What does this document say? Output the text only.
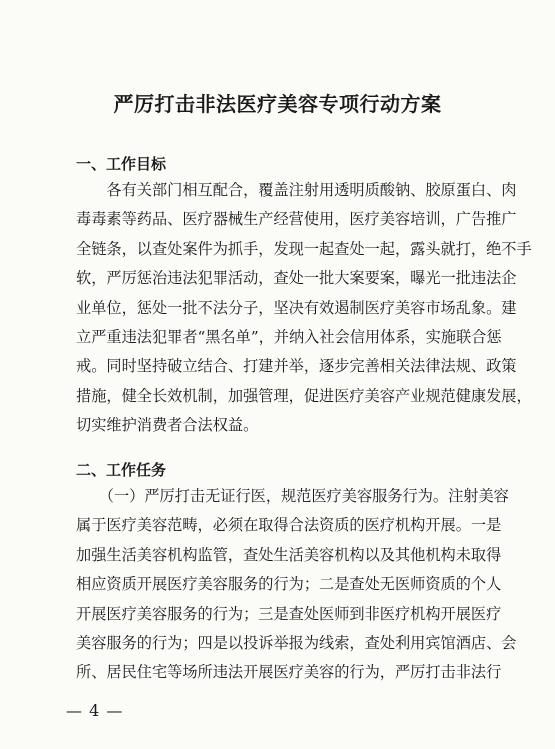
严厉打击非法医疗美容专项行动方案
一、工作目标
　　各有关部门相互配合，覆盖注射用透明质酸钠、胶原蛋白、肉
毒毒素等药品、医疗器械生产经营使用，医疗美容培训，广告推广
全链条，以查处案件为抓手，发现一起查处一起，露头就打，绝不手
软，严厉惩治违法犯罪活动，查处一批大案要案，曝光一批违法企
业单位，惩处一批不法分子，坚决有效遏制医疗美容市场乱象。建
立严重违法犯罪者“黑名单”，并纳入社会信用体系，实施联合惩
戒。同时坚持破立结合、打建并举，逐步完善相关法律法规、政策
措施，健全长效机制，加强管理，促进医疗美容产业规范健康发展，
切实维护消费者合法权益。
二、工作任务
　　（一）严厉打击无证行医，规范医疗美容服务行为。注射美容
属于医疗美容范畴，必须在取得合法资质的医疗机构开展。一是
加强生活美容机构监管，查处生活美容机构以及其他机构未取得
相应资质开展医疗美容服务的行为；二是查处无医师资质的个人
开展医疗美容服务的行为；三是查处医师到非医疗机构开展医疗
美容服务的行为；四是以投诉举报为线索，查处利用宾馆酒店、会
所、居民住宅等场所违法开展医疗美容的行为，严厉打击非法行
— 4 —
